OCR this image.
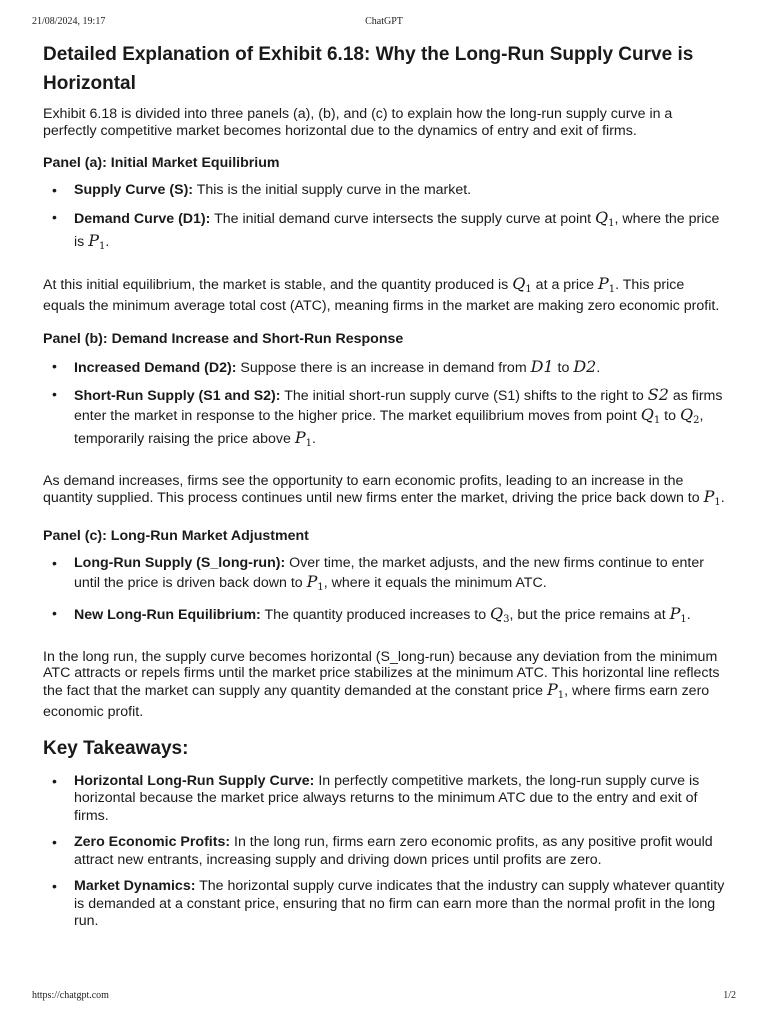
21/08/2024, 19:17	ChatGPT
Detailed Explanation of Exhibit 6.18: Why the Long-Run Supply Curve is Horizontal

Exhibit 6.18 is divided into three panels (a), (b), and (c) to explain how the long-run supply curve in a perfectly competitive market becomes horizontal due to the dynamics of entry and exit of firms.

Panel (a): Initial Market Equilibrium
• Supply Curve (S): This is the initial supply curve in the market.
• Demand Curve (D1): The initial demand curve intersects the supply curve at point $Q_1$, where the price is $P_1$.

At this initial equilibrium, the market is stable, and the quantity produced is $Q_1$ at a price $P_1$. This price equals the minimum average total cost (ATC), meaning firms in the market are making zero economic profit.

Panel (b): Demand Increase and Short-Run Response
• Increased Demand (D2): Suppose there is an increase in demand from D1 to D2.
• Short-Run Supply (S1 and S2): The initial short-run supply curve (S1) shifts to the right to S2 as firms enter the market in response to the higher price. The market equilibrium moves from point $Q_1$ to $Q_2$, temporarily raising the price above $P_1$.

As demand increases, firms see the opportunity to earn economic profits, leading to an increase in the quantity supplied. This process continues until new firms enter the market, driving the price back down to $P_1$.

Panel (c): Long-Run Market Adjustment
• Long-Run Supply (S_long-run): Over time, the market adjusts, and the new firms continue to enter until the price is driven back down to $P_1$, where it equals the minimum ATC.
• New Long-Run Equilibrium: The quantity produced increases to $Q_3$, but the price remains at $P_1$.

In the long run, the supply curve becomes horizontal (S_long-run) because any deviation from the minimum ATC attracts or repels firms until the market price stabilizes at the minimum ATC. This horizontal line reflects the fact that the market can supply any quantity demanded at the constant price $P_1$, where firms earn zero economic profit.

Key Takeaways:
• Horizontal Long-Run Supply Curve: In perfectly competitive markets, the long-run supply curve is horizontal because the market price always returns to the minimum ATC due to the entry and exit of firms.
• Zero Economic Profits: In the long run, firms earn zero economic profits, as any positive profit would attract new entrants, increasing supply and driving down prices until profits are zero.
• Market Dynamics: The horizontal supply curve indicates that the industry can supply whatever quantity is demanded at a constant price, ensuring that no firm can earn more than the normal profit in the long run.
https://chatgpt.com	1/2
